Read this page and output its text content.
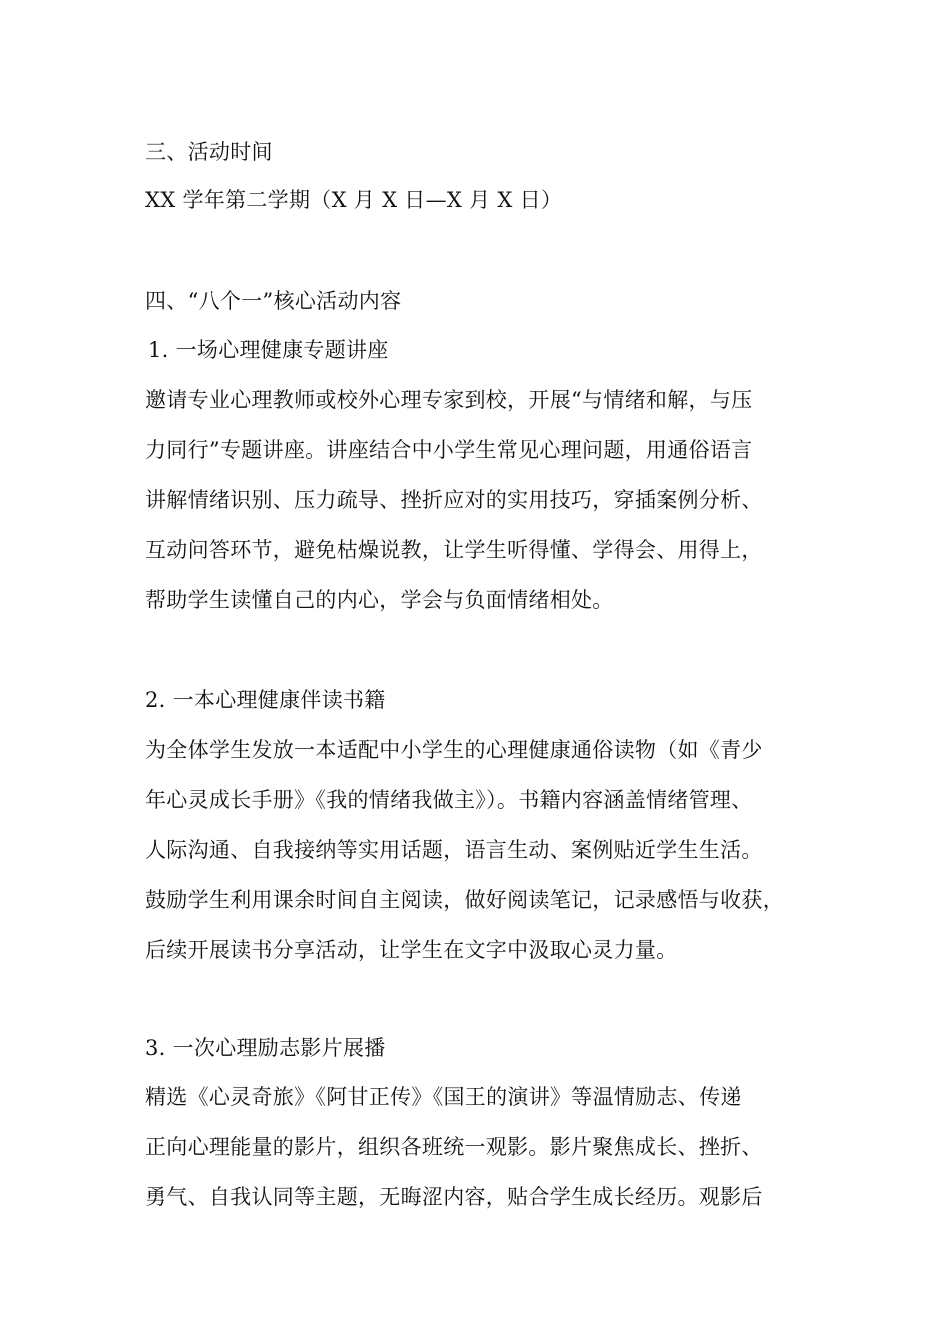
三、活动时间
XX 学年第二学期（X 月 X 日—X 月 X 日）
四、“八个一”核心活动内容
1. 一场心理健康专题讲座
邀请专业心理教师或校外心理专家到校，开展“与情绪和解，与压
力同行”专题讲座。讲座结合中小学生常见心理问题，用通俗语言
讲解情绪识别、压力疏导、挫折应对的实用技巧，穿插案例分析、
互动问答环节，避免枯燥说教，让学生听得懂、学得会、用得上，
帮助学生读懂自己的内心，学会与负面情绪相处。
2. 一本心理健康伴读书籍
为全体学生发放一本适配中小学生的心理健康通俗读物（如《青少
年心灵成长手册》《我的情绪我做主》）。书籍内容涵盖情绪管理、
人际沟通、自我接纳等实用话题，语言生动、案例贴近学生生活。
鼓励学生利用课余时间自主阅读，做好阅读笔记，记录感悟与收获，
后续开展读书分享活动，让学生在文字中汲取心灵力量。
3. 一次心理励志影片展播
精选《心灵奇旅》《阿甘正传》《国王的演讲》等温情励志、传递
正向心理能量的影片，组织各班统一观影。影片聚焦成长、挫折、
勇气、自我认同等主题，无晦涩内容，贴合学生成长经历。观影后
